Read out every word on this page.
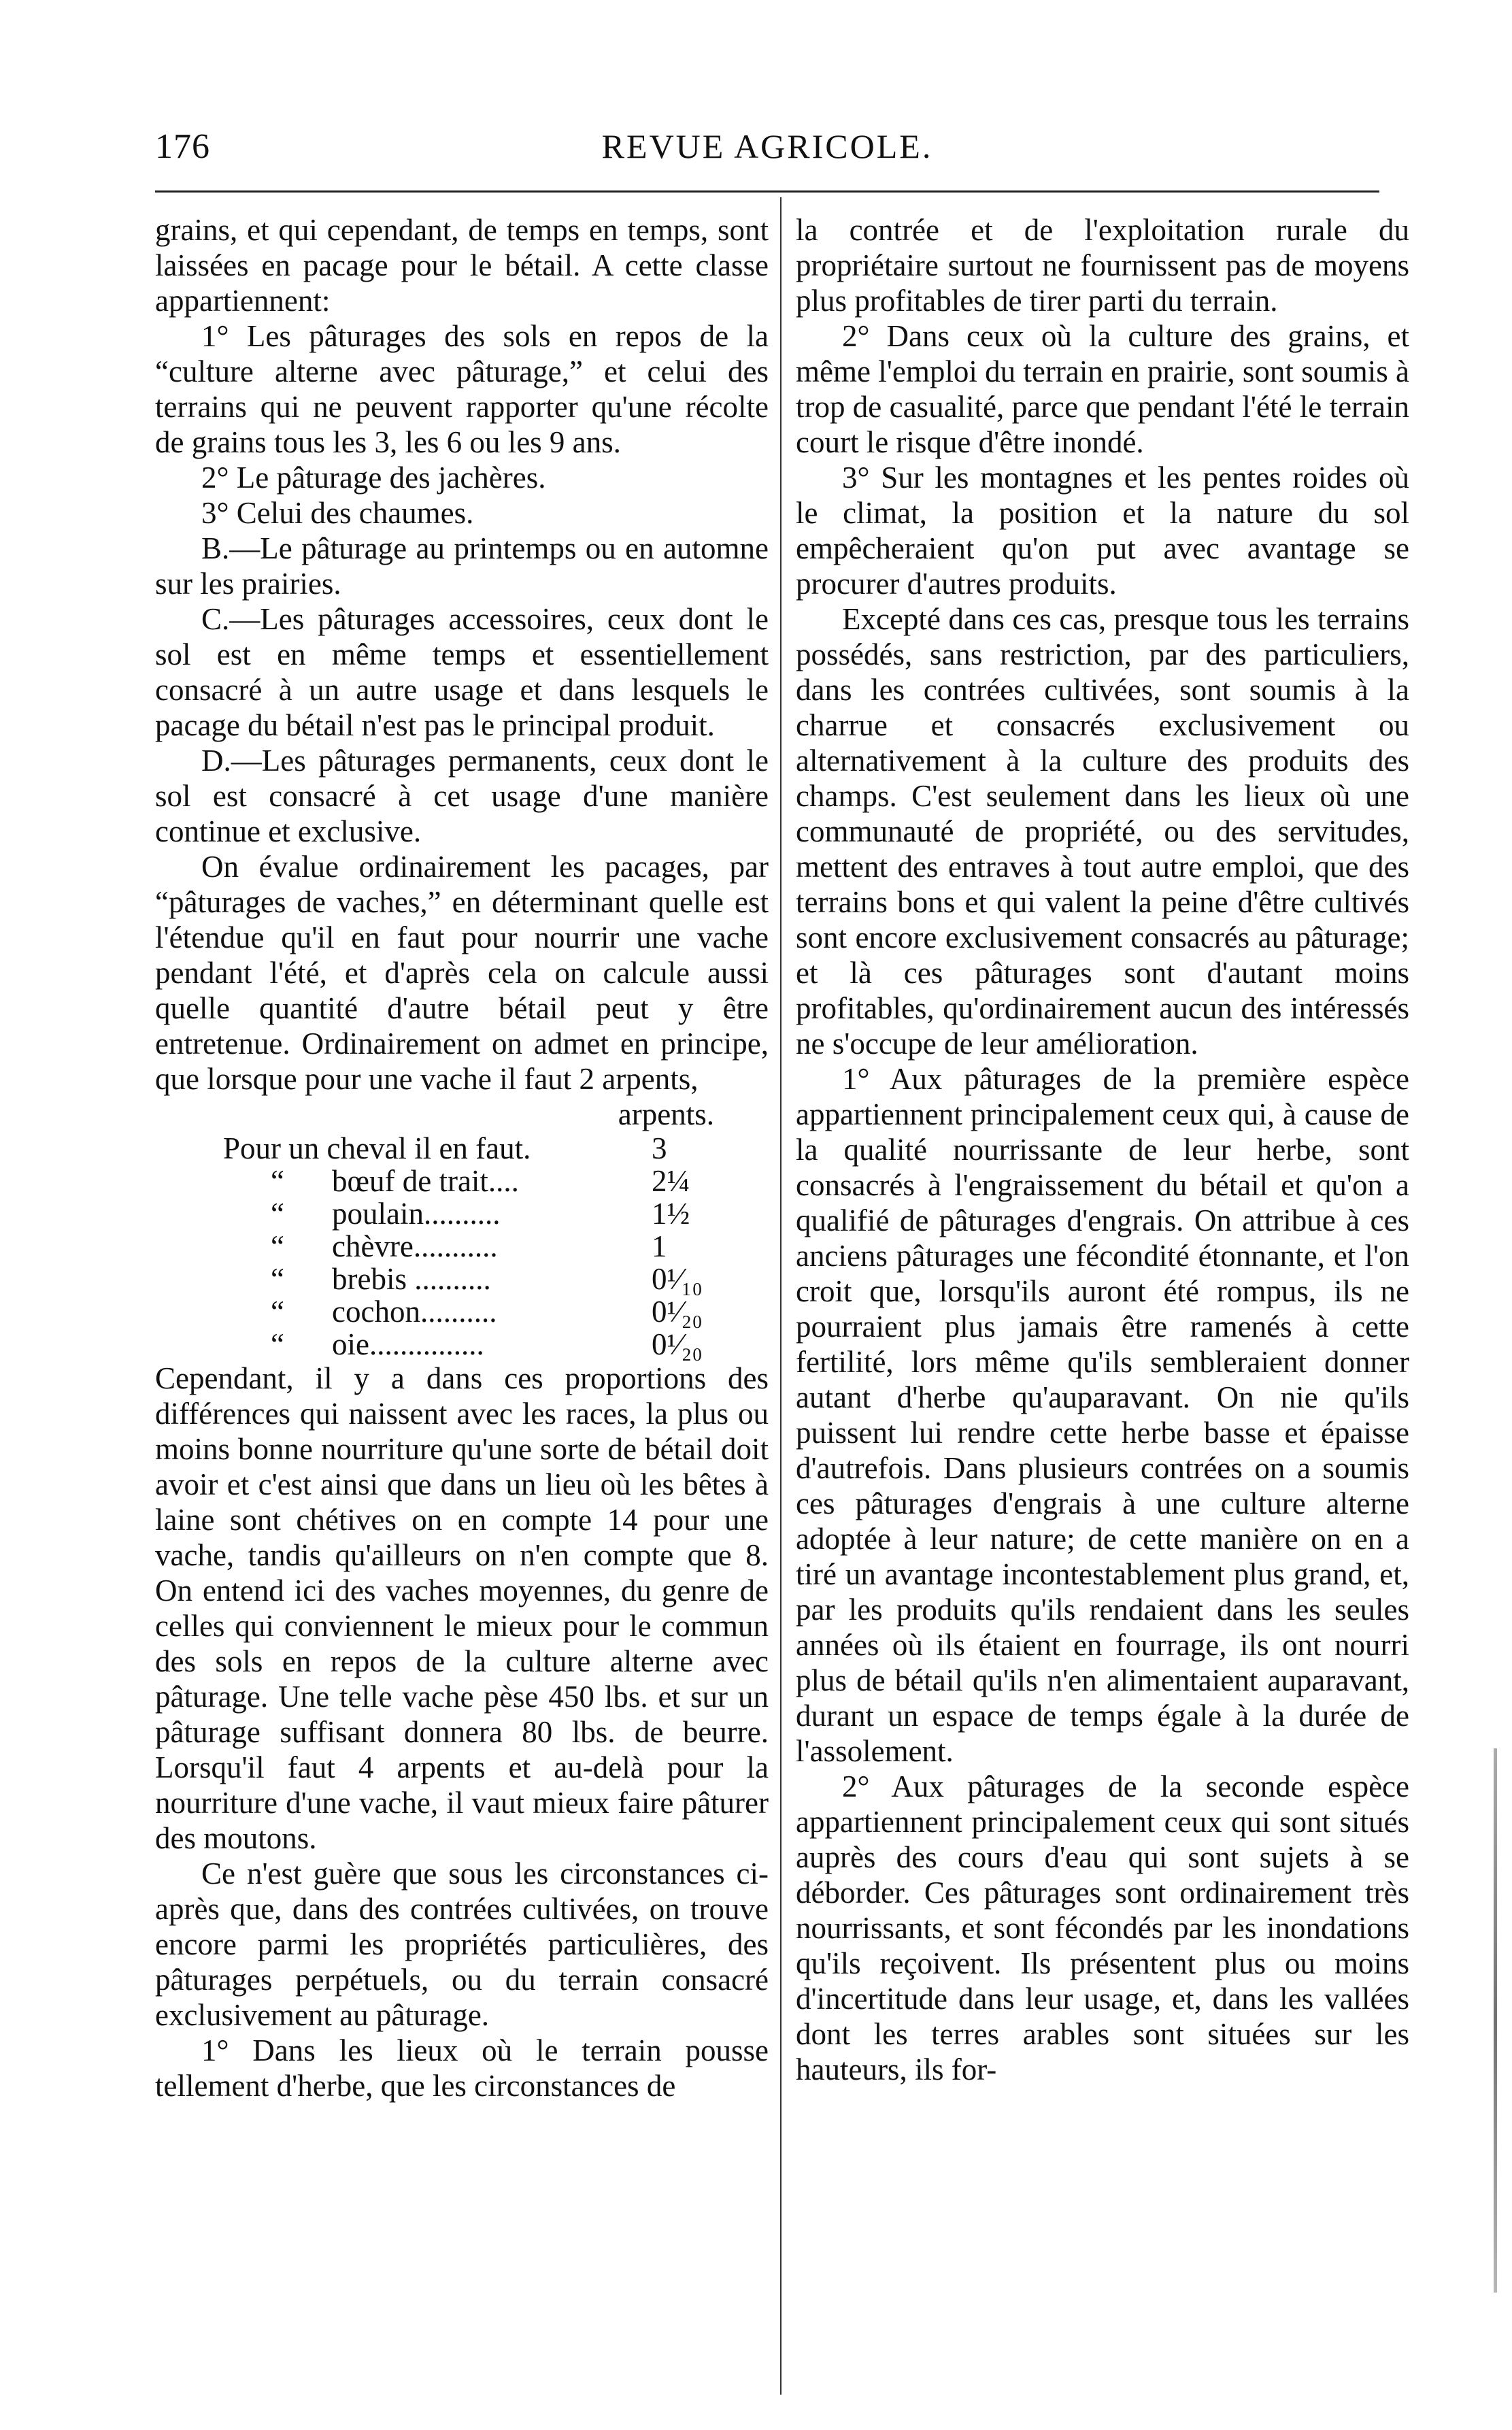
176	REVUE AGRICOLE.

grains, et qui cependant, de temps en temps, sont laissées en pacage pour le bétail. A cette classe appartiennent:

1° Les pâturages des sols en repos de la “culture alterne avec pâturage,” et celui des terrains qui ne peuvent rapporter qu'une récolte de grains tous les 3, les 6 ou les 9 ans.

2° Le pâturage des jachères.

3° Celui des chaumes.

B.—Le pâturage au printemps ou en automne sur les prairies.

C.—Les pâturages accessoires, ceux dont le sol est en même temps et essentiellement consacré à un autre usage et dans lesquels le pacage du bétail n'est pas le principal produit.

D.—Les pâturages permanents, ceux dont le sol est consacré à cet usage d'une manière continue et exclusive.

On évalue ordinairement les pacages, par “pâturages de vaches,” en déterminant quelle est l'étendue qu'il en faut pour nourrir une vache pendant l'été, et d'après cela on calcule aussi quelle quantité d'autre bétail peut y être entretenue. Ordinairement on admet en principe, que lorsque pour une vache il faut 2 arpents,

arpents.

Pour un cheval il en faut.	3
“ bœuf de trait....	2¼
“ poulain..........	1½
“ chèvre...........	1
“ brebis ..........	0¹⁄₁₀
“ cochon..........	0¹⁄₂₀
“ oie...............	0¹⁄₂₀

Cependant, il y a dans ces proportions des différences qui naissent avec les races, la plus ou moins bonne nourriture qu'une sorte de bétail doit avoir et c'est ainsi que dans un lieu où les bêtes à laine sont chétives on en compte 14 pour une vache, tandis qu'ailleurs on n'en compte que 8. On entend ici des vaches moyennes, du genre de celles qui conviennent le mieux pour le commun des sols en repos de la culture alterne avec pâturage. Une telle vache pèse 450 lbs. et sur un pâturage suffisant donnera 80 lbs. de beurre. Lorsqu'il faut 4 arpents et au-delà pour la nourriture d'une vache, il vaut mieux faire pâturer des moutons.

Ce n'est guère que sous les circonstances ci-après que, dans des contrées cultivées, on trouve encore parmi les propriétés particulières, des pâturages perpétuels, ou du terrain consacré exclusivement au pâturage.

1° Dans les lieux où le terrain pousse tellement d'herbe, que les circonstances de

la contrée et de l'exploitation rurale du propriétaire surtout ne fournissent pas de moyens plus profitables de tirer parti du terrain.

2° Dans ceux où la culture des grains, et même l'emploi du terrain en prairie, sont soumis à trop de casualité, parce que pendant l'été le terrain court le risque d'être inondé.

3° Sur les montagnes et les pentes roides où le climat, la position et la nature du sol empêcheraient qu'on put avec avantage se procurer d'autres produits.

Excepté dans ces cas, presque tous les terrains possédés, sans restriction, par des particuliers, dans les contrées cultivées, sont soumis à la charrue et consacrés exclusivement ou alternativement à la culture des produits des champs. C'est seulement dans les lieux où une communauté de propriété, ou des servitudes, mettent des entraves à tout autre emploi, que des terrains bons et qui valent la peine d'être cultivés sont encore exclusivement consacrés au pâturage; et là ces pâturages sont d'autant moins profitables, qu'ordinairement aucun des intéressés ne s'occupe de leur amélioration.

1° Aux pâturages de la première espèce appartiennent principalement ceux qui, à cause de la qualité nourrissante de leur herbe, sont consacrés à l'engraissement du bétail et qu'on a qualifié de pâturages d'engrais. On attribue à ces anciens pâturages une fécondité étonnante, et l'on croit que, lorsqu'ils auront été rompus, ils ne pourraient plus jamais être ramenés à cette fertilité, lors même qu'ils sembleraient donner autant d'herbe qu'auparavant. On nie qu'ils puissent lui rendre cette herbe basse et épaisse d'autrefois. Dans plusieurs contrées on a soumis ces pâturages d'engrais à une culture alterne adoptée à leur nature; de cette manière on en a tiré un avantage incontestablement plus grand, et, par les produits qu'ils rendaient dans les seules années où ils étaient en fourrage, ils ont nourri plus de bétail qu'ils n'en alimentaient auparavant, durant un espace de temps égale à la durée de l'assolement.

2° Aux pâturages de la seconde espèce appartiennent principalement ceux qui sont situés auprès des cours d'eau qui sont sujets à se déborder. Ces pâturages sont ordinairement très nourrissants, et sont fécondés par les inondations qu'ils reçoivent. Ils présentent plus ou moins d'incertitude dans leur usage, et, dans les vallées dont les terres arables sont situées sur les hauteurs, ils for-
